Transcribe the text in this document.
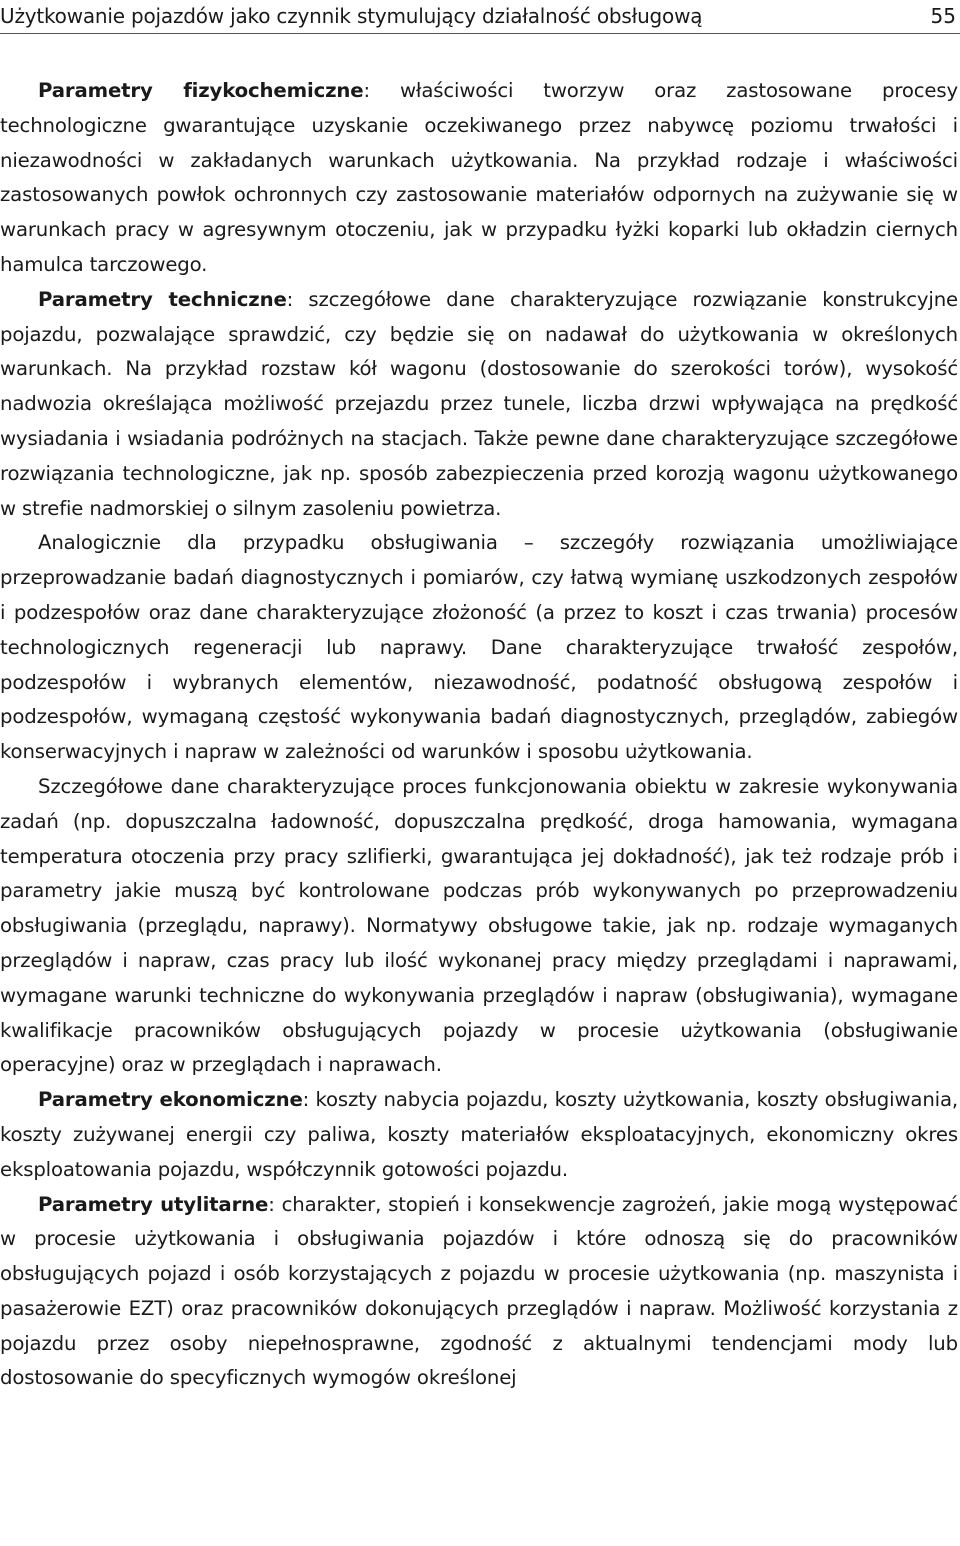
Użytkowanie pojazdów jako czynnik stymulujący działalność obsługową	55

Parametry fizykochemiczne: właściwości tworzyw oraz zastosowane procesy technologiczne gwarantujące uzyskanie oczekiwanego przez nabywcę poziomu trwałości i niezawodności w zakładanych warunkach użytkowania. Na przykład rodzaje i właściwości zastosowanych powłok ochronnych czy zastosowanie materiałów odpornych na zużywanie się w warunkach pracy w agresywnym otoczeniu, jak w przypadku łyżki koparki lub okładzin ciernych hamulca tarczowego.

Parametry techniczne: szczegółowe dane charakteryzujące rozwiązanie konstrukcyjne pojazdu, pozwalające sprawdzić, czy będzie się on nadawał do użytkowania w określonych warunkach. Na przykład rozstaw kół wagonu (dostosowanie do szerokości torów), wysokość nadwozia określająca możliwość przejazdu przez tunele, liczba drzwi wpływająca na prędkość wysiadania i wsiadania podróżnych na stacjach. Także pewne dane charakteryzujące szczegółowe rozwiązania technologiczne, jak np. sposób zabezpieczenia przed korozją wagonu użytkowanego w strefie nadmorskiej o silnym zasoleniu powietrza.

Analogicznie dla przypadku obsługiwania – szczegóły rozwiązania umożliwiające przeprowadzanie badań diagnostycznych i pomiarów, czy łatwą wymianę uszkodzonych zespołów i podzespołów oraz dane charakteryzujące złożoność (a przez to koszt i czas trwania) procesów technologicznych regeneracji lub naprawy. Dane charakteryzujące trwałość zespołów, podzespołów i wybranych elementów, niezawodność, podatność obsługową zespołów i podzespołów, wymaganą częstość wykonywania badań diagnostycznych, przeglądów, zabiegów konserwacyjnych i napraw w zależności od warunków i sposobu użytkowania.

Szczegółowe dane charakteryzujące proces funkcjonowania obiektu w zakresie wykonywania zadań (np. dopuszczalna ładowność, dopuszczalna prędkość, droga hamowania, wymagana temperatura otoczenia przy pracy szlifierki, gwarantująca jej dokładność), jak też rodzaje prób i parametry jakie muszą być kontrolowane podczas prób wykonywanych po przeprowadzeniu obsługiwania (przeglądu, naprawy). Normatywy obsługowe takie, jak np. rodzaje wymaganych przeglądów i napraw, czas pracy lub ilość wykonanej pracy między przeglądami i naprawami, wymagane warunki techniczne do wykonywania przeglądów i napraw (obsługiwania), wymagane kwalifikacje pracowników obsługujących pojazdy w procesie użytkowania (obsługiwanie operacyjne) oraz w przeglądach i naprawach.

Parametry ekonomiczne: koszty nabycia pojazdu, koszty użytkowania, koszty obsługiwania, koszty zużywanej energii czy paliwa, koszty materiałów eksploatacyjnych, ekonomiczny okres eksploatowania pojazdu, współczynnik gotowości pojazdu.

Parametry utylitarne: charakter, stopień i konsekwencje zagrożeń, jakie mogą występować w procesie użytkowania i obsługiwania pojazdów i które odnoszą się do pracowników obsługujących pojazd i osób korzystających z pojazdu w procesie użytkowania (np. maszynista i pasażerowie EZT) oraz pracowników dokonujących przeglądów i napraw. Możliwość korzystania z pojazdu przez osoby niepełnosprawne, zgodność z aktualnymi tendencjami mody lub dostosowanie do specyficznych wymogów określonej
